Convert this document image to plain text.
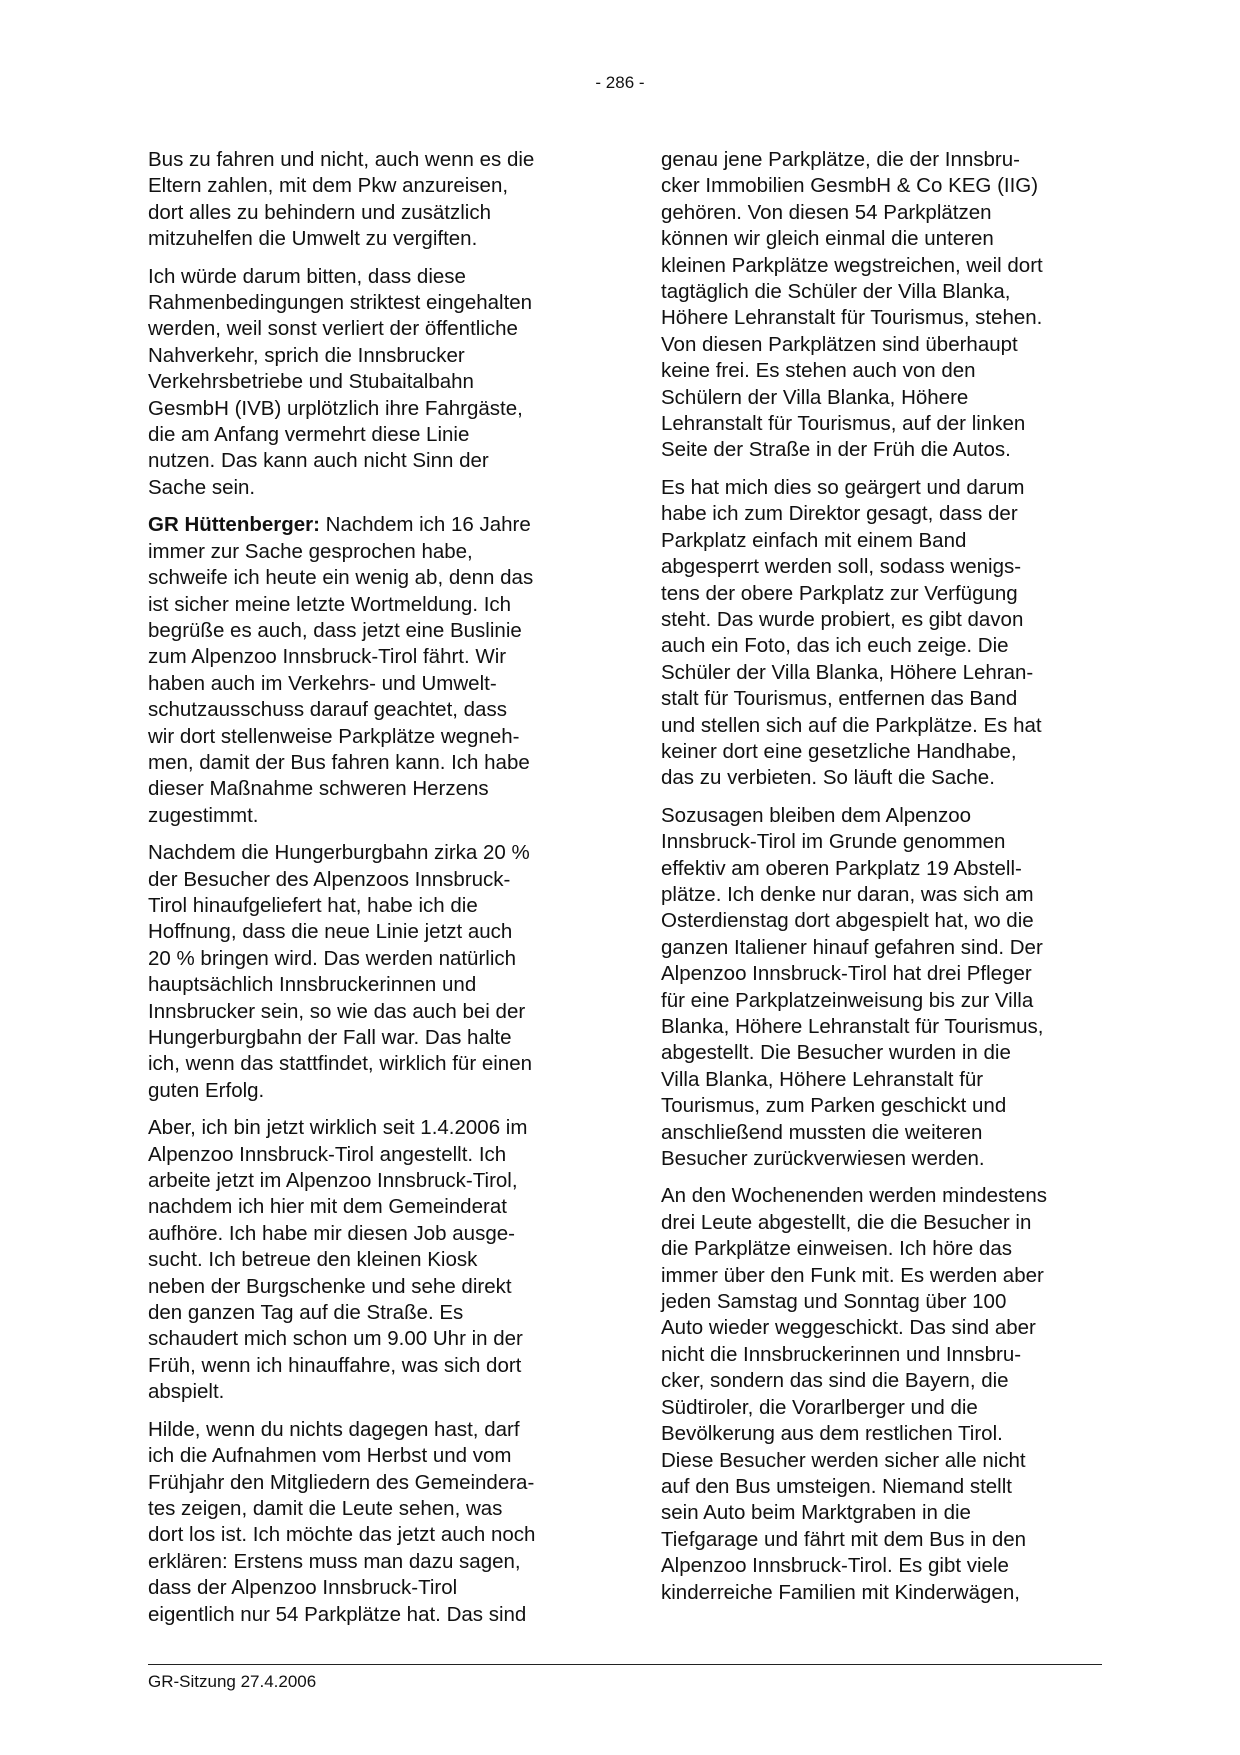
- 286 -

Bus zu fahren und nicht, auch wenn es die
Eltern zahlen, mit dem Pkw anzureisen,
dort alles zu behindern und zusätzlich
mitzuhelfen die Umwelt zu vergiften.

Ich würde darum bitten, dass diese
Rahmenbedingungen striktest eingehalten
werden, weil sonst verliert der öffentliche
Nahverkehr, sprich die Innsbrucker
Verkehrsbetriebe und Stubaitalbahn
GesmbH (IVB) urplötzlich ihre Fahrgäste,
die am Anfang vermehrt diese Linie
nutzen. Das kann auch nicht Sinn der
Sache sein.

GR Hüttenberger: Nachdem ich 16 Jahre
immer zur Sache gesprochen habe,
schweife ich heute ein wenig ab, denn das
ist sicher meine letzte Wortmeldung. Ich
begrüße es auch, dass jetzt eine Buslinie
zum Alpenzoo Innsbruck-Tirol fährt. Wir
haben auch im Verkehrs- und Umwelt-
schutzausschuss darauf geachtet, dass
wir dort stellenweise Parkplätze wegneh-
men, damit der Bus fahren kann. Ich habe
dieser Maßnahme schweren Herzens
zugestimmt.

Nachdem die Hungerburgbahn zirka 20 %
der Besucher des Alpenzoos Innsbruck-
Tirol hinaufgeliefert hat, habe ich die
Hoffnung, dass die neue Linie jetzt auch
20 % bringen wird. Das werden natürlich
hauptsächlich Innsbruckerinnen und
Innsbrucker sein, so wie das auch bei der
Hungerburgbahn der Fall war. Das halte
ich, wenn das stattfindet, wirklich für einen
guten Erfolg.

Aber, ich bin jetzt wirklich seit 1.4.2006 im
Alpenzoo Innsbruck-Tirol angestellt. Ich
arbeite jetzt im Alpenzoo Innsbruck-Tirol,
nachdem ich hier mit dem Gemeinderat
aufhöre. Ich habe mir diesen Job ausge-
sucht. Ich betreue den kleinen Kiosk
neben der Burgschenke und sehe direkt
den ganzen Tag auf die Straße. Es
schaudert mich schon um 9.00 Uhr in der
Früh, wenn ich hinauffahre, was sich dort
abspielt.

Hilde, wenn du nichts dagegen hast, darf
ich die Aufnahmen vom Herbst und vom
Frühjahr den Mitgliedern des Gemeindera-
tes zeigen, damit die Leute sehen, was
dort los ist. Ich möchte das jetzt auch noch
erklären: Erstens muss man dazu sagen,
dass der Alpenzoo Innsbruck-Tirol
eigentlich nur 54 Parkplätze hat. Das sind

genau jene Parkplätze, die der Innsbru-
cker Immobilien GesmbH & Co KEG (IIG)
gehören. Von diesen 54 Parkplätzen
können wir gleich einmal die unteren
kleinen Parkplätze wegstreichen, weil dort
tagtäglich die Schüler der Villa Blanka,
Höhere Lehranstalt für Tourismus, stehen.
Von diesen Parkplätzen sind überhaupt
keine frei. Es stehen auch von den
Schülern der Villa Blanka, Höhere
Lehranstalt für Tourismus, auf der linken
Seite der Straße in der Früh die Autos.

Es hat mich dies so geärgert und darum
habe ich zum Direktor gesagt, dass der
Parkplatz einfach mit einem Band
abgesperrt werden soll, sodass wenigs-
tens der obere Parkplatz zur Verfügung
steht. Das wurde probiert, es gibt davon
auch ein Foto, das ich euch zeige. Die
Schüler der Villa Blanka, Höhere Lehran-
stalt für Tourismus, entfernen das Band
und stellen sich auf die Parkplätze. Es hat
keiner dort eine gesetzliche Handhabe,
das zu verbieten. So läuft die Sache.

Sozusagen bleiben dem Alpenzoo
Innsbruck-Tirol im Grunde genommen
effektiv am oberen Parkplatz 19 Abstell-
plätze. Ich denke nur daran, was sich am
Osterdienstag dort abgespielt hat, wo die
ganzen Italiener hinauf gefahren sind. Der
Alpenzoo Innsbruck-Tirol hat drei Pfleger
für eine Parkplatzeinweisung bis zur Villa
Blanka, Höhere Lehranstalt für Tourismus,
abgestellt. Die Besucher wurden in die
Villa Blanka, Höhere Lehranstalt für
Tourismus, zum Parken geschickt und
anschließend mussten die weiteren
Besucher zurückverwiesen werden.

An den Wochenenden werden mindestens
drei Leute abgestellt, die die Besucher in
die Parkplätze einweisen. Ich höre das
immer über den Funk mit. Es werden aber
jeden Samstag und Sonntag über 100
Auto wieder weggeschickt. Das sind aber
nicht die Innsbruckerinnen und Innsbru-
cker, sondern das sind die Bayern, die
Südtiroler, die Vorarlberger und die
Bevölkerung aus dem restlichen Tirol.
Diese Besucher werden sicher alle nicht
auf den Bus umsteigen. Niemand stellt
sein Auto beim Marktgraben in die
Tiefgarage und fährt mit dem Bus in den
Alpenzoo Innsbruck-Tirol. Es gibt viele
kinderreiche Familien mit Kinderwägen,

GR-Sitzung 27.4.2006
